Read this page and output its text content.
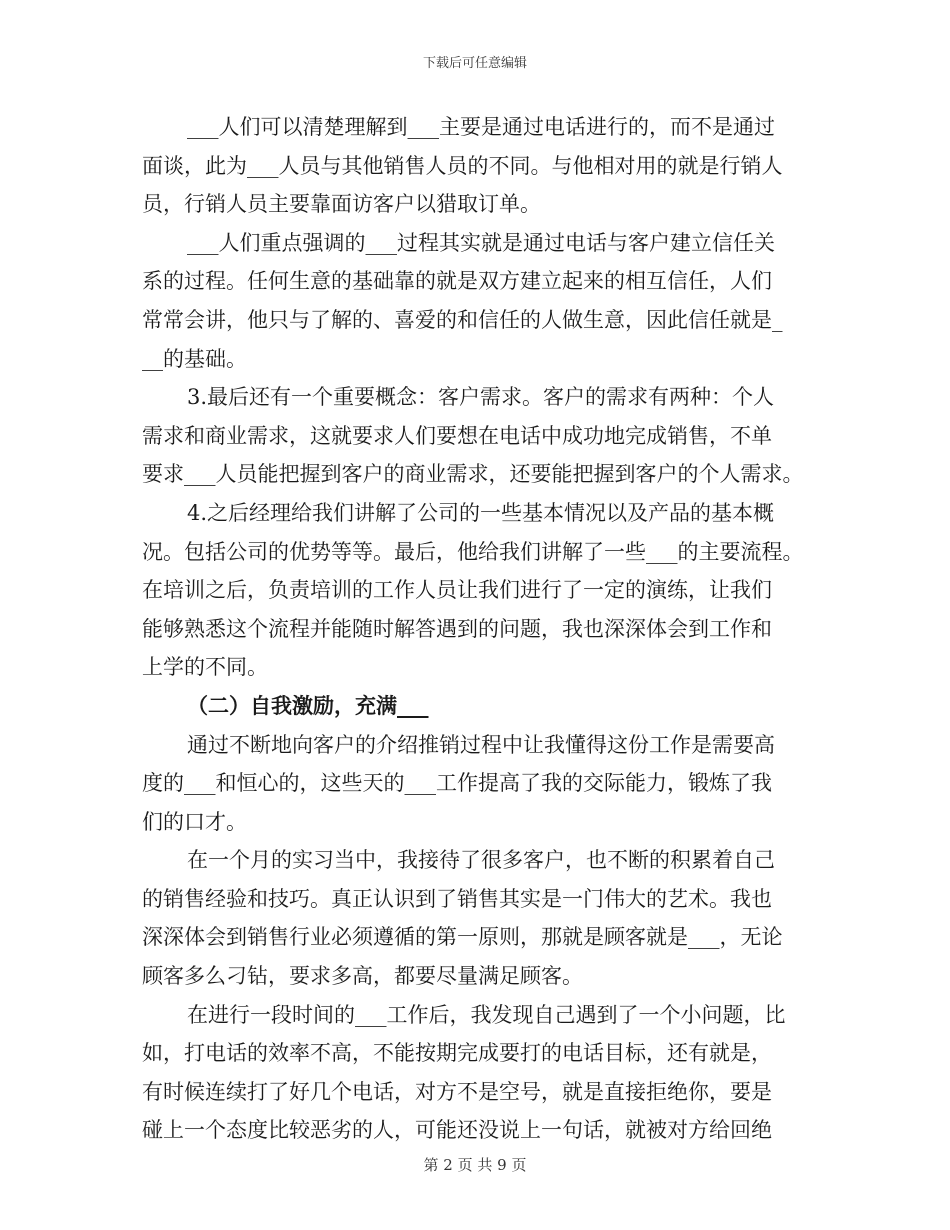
下载后可任意编辑
___人们可以清楚理解到___主要是通过电话进行的，而不是通过
面谈，此为___人员与其他销售人员的不同。与他相对用的就是行销人
员，行销人员主要靠面访客户以猎取订单。
___人们重点强调的___过程其实就是通过电话与客户建立信任关
系的过程。任何生意的基础靠的就是双方建立起来的相互信任，人们
常常会讲，他只与了解的、喜爱的和信任的人做生意，因此信任就是_
__的基础。
3.最后还有一个重要概念：客户需求。客户的需求有两种：个人
需求和商业需求，这就要求人们要想在电话中成功地完成销售，不单
要求___人员能把握到客户的商业需求，还要能把握到客户的个人需求。
4.之后经理给我们讲解了公司的一些基本情况以及产品的基本概
况。包括公司的优势等等。最后，他给我们讲解了一些___的主要流程。
在培训之后，负责培训的工作人员让我们进行了一定的演练，让我们
能够熟悉这个流程并能随时解答遇到的问题，我也深深体会到工作和
上学的不同。
（二）自我激励，充满___
通过不断地向客户的介绍推销过程中让我懂得这份工作是需要高
度的___和恒心的，这些天的___工作提高了我的交际能力，锻炼了我
们的口才。
在一个月的实习当中，我接待了很多客户，也不断的积累着自己
的销售经验和技巧。真正认识到了销售其实是一门伟大的艺术。我也
深深体会到销售行业必须遵循的第一原则，那就是顾客就是___，无论
顾客多么刁钻，要求多高，都要尽量满足顾客。
在进行一段时间的___工作后，我发现自己遇到了一个小问题，比
如，打电话的效率不高，不能按期完成要打的电话目标，还有就是，
有时候连续打了好几个电话，对方不是空号，就是直接拒绝你，要是
碰上一个态度比较恶劣的人，可能还没说上一句话，就被对方给回绝
第 2 页 共 9 页
